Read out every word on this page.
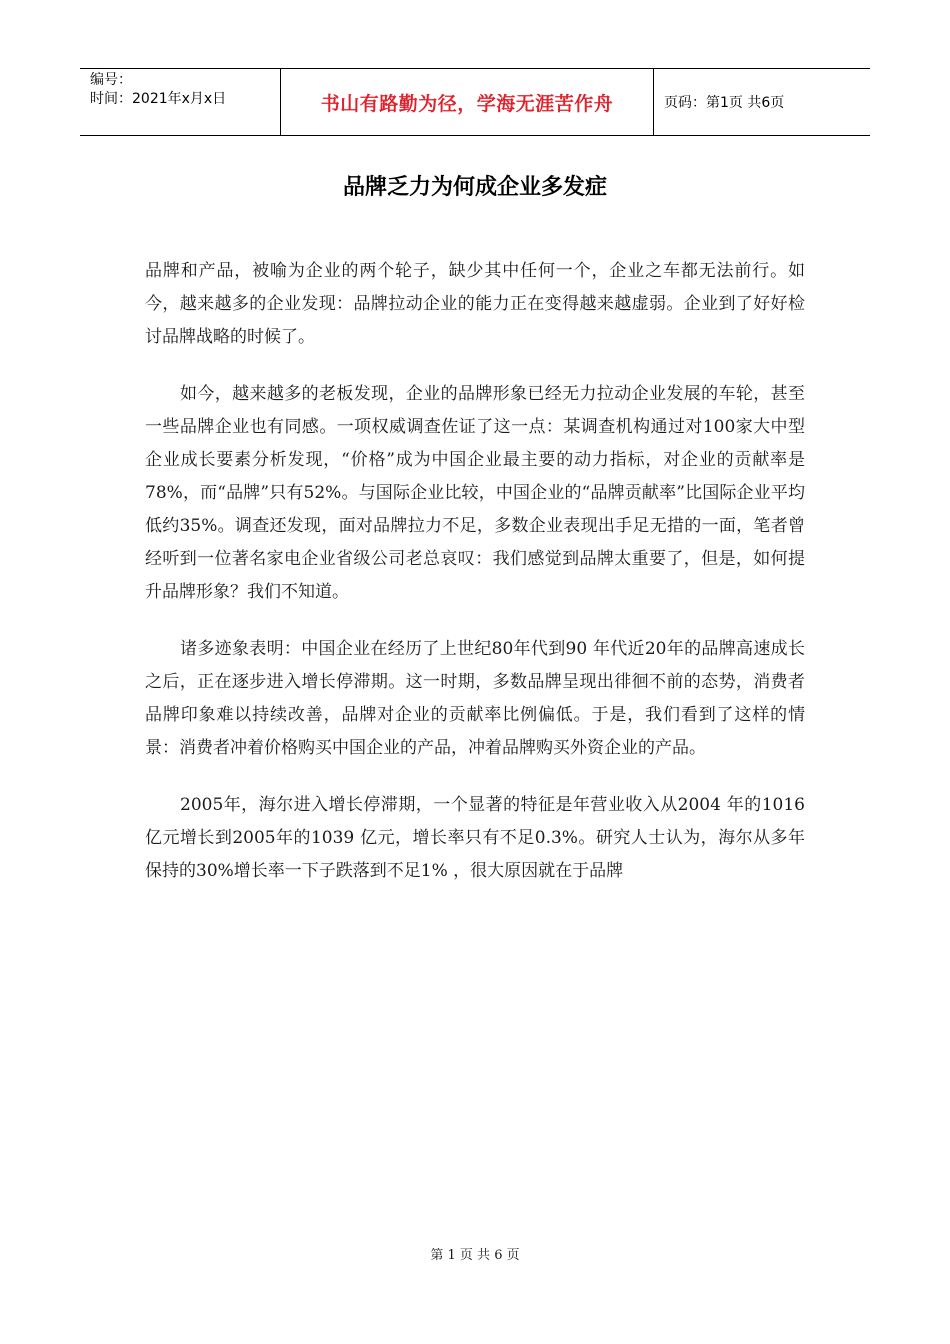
编号：
时间：2021年x月x日	书山有路勤为径，学海无涯苦作舟	页码：第1页 共6页
品牌乏力为何成企业多发症

品牌和产品，被喻为企业的两个轮子，缺少其中任何一个，企业之车都无法前行。如今，越来越多的企业发现：品牌拉动企业的能力正在变得越来越虚弱。企业到了好好检讨品牌战略的时候了。

如今，越来越多的老板发现，企业的品牌形象已经无力拉动企业发展的车轮，甚至一些品牌企业也有同感。一项权威调查佐证了这一点：某调查机构通过对100家大中型企业成长要素分析发现，“价格”成为中国企业最主要的动力指标，对企业的贡献率是78%，而“品牌”只有52%。与国际企业比较，中国企业的“品牌贡献率”比国际企业平均低约35%。调查还发现，面对品牌拉力不足，多数企业表现出手足无措的一面，笔者曾经听到一位著名家电企业省级公司老总哀叹：我们感觉到品牌太重要了，但是，如何提升品牌形象？我们不知道。

诸多迹象表明：中国企业在经历了上世纪80年代到90 年代近20年的品牌高速成长之后，正在逐步进入增长停滞期。这一时期，多数品牌呈现出徘徊不前的态势，消费者品牌印象难以持续改善，品牌对企业的贡献率比例偏低。于是，我们看到了这样的情景：消费者冲着价格购买中国企业的产品，冲着品牌购买外资企业的产品。

2005年，海尔进入增长停滞期，一个显著的特征是年营业收入从2004 年的1016亿元增长到2005年的1039 亿元，增长率只有不足0.3%。研究人士认为，海尔从多年保持的30%增长率一下子跌落到不足1% ，很大原因就在于品牌

第 1 页 共 6 页
